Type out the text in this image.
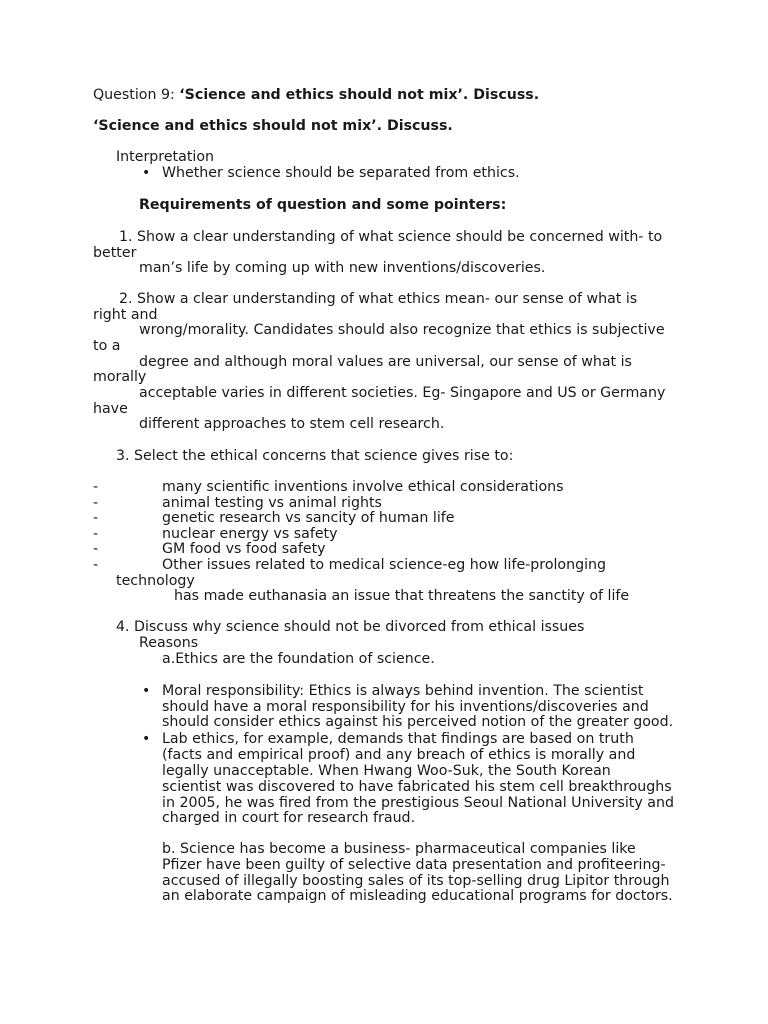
Question 9: ‘Science and ethics should not mix’. Discuss.
‘Science and ethics should not mix’. Discuss.
Interpretation
• Whether science should be separated from ethics.
Requirements of question and some pointers:
1. Show a clear understanding of what science should be concerned with- to
better
man’s life by coming up with new inventions/discoveries.
2. Show a clear understanding of what ethics mean- our sense of what is
right and
wrong/morality. Candidates should also recognize that ethics is subjective
to a
degree and although moral values are universal, our sense of what is
morally
acceptable varies in different societies. Eg- Singapore and US or Germany
have
different approaches to stem cell research.
3. Select the ethical concerns that science gives rise to:
-	many scientific inventions involve ethical considerations
-	animal testing vs animal rights
-	genetic research vs sancity of human life
-	nuclear energy vs safety
-	GM food vs food safety
-	Other issues related to medical science-eg how life-prolonging
technology
has made euthanasia an issue that threatens the sanctity of life
4. Discuss why science should not be divorced from ethical issues
Reasons
a.Ethics are the foundation of science.
• Moral responsibility: Ethics is always behind invention. The scientist
should have a moral responsibility for his inventions/discoveries and
should consider ethics against his perceived notion of the greater good.
• Lab ethics, for example, demands that findings are based on truth
(facts and empirical proof) and any breach of ethics is morally and
legally unacceptable. When Hwang Woo-Suk, the South Korean
scientist was discovered to have fabricated his stem cell breakthroughs
in 2005, he was fired from the prestigious Seoul National University and
charged in court for research fraud.
b. Science has become a business- pharmaceutical companies like
Pfizer have been guilty of selective data presentation and profiteering-
accused of illegally boosting sales of its top-selling drug Lipitor through
an elaborate campaign of misleading educational programs for doctors.
